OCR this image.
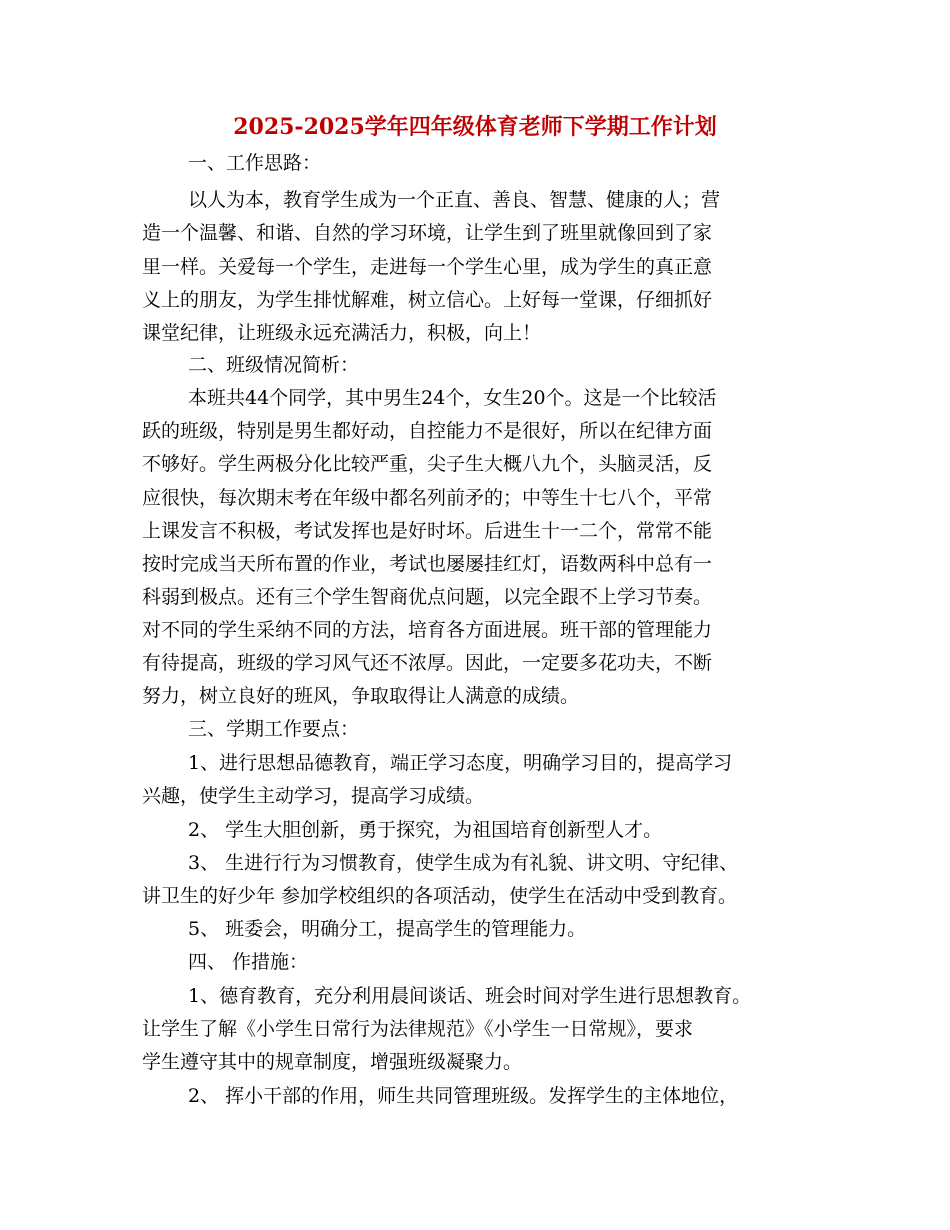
2025-2025学年四年级体育老师下学期工作计划
一、工作思路：
以人为本，教育学生成为一个正直、善良、智慧、健康的人；营
造一个温馨、和谐、自然的学习环境，让学生到了班里就像回到了家
里一样。关爱每一个学生，走进每一个学生心里，成为学生的真正意
义上的朋友，为学生排忧解难，树立信心。上好每一堂课，仔细抓好
课堂纪律，让班级永远充满活力，积极，向上！
二、班级情况简析：
本班共44个同学，其中男生24个，女生20个。这是一个比较活
跃的班级，特别是男生都好动，自控能力不是很好，所以在纪律方面
不够好。学生两极分化比较严重，尖子生大概八九个，头脑灵活，反
应很快，每次期末考在年级中都名列前矛的；中等生十七八个，平常
上课发言不积极，考试发挥也是好时坏。后进生十一二个，常常不能
按时完成当天所布置的作业，考试也屡屡挂红灯，语数两科中总有一
科弱到极点。还有三个学生智商优点问题，以完全跟不上学习节奏。
对不同的学生采纳不同的方法，培育各方面进展。班干部的管理能力
有待提高，班级的学习风气还不浓厚。因此，一定要多花功夫，不断
努力，树立良好的班风，争取取得让人满意的成绩。
三、学期工作要点：
1、进行思想品德教育，端正学习态度，明确学习目的，提高学习
兴趣，使学生主动学习，提高学习成绩。
2、 学生大胆创新，勇于探究，为祖国培育创新型人才。
3、 生进行行为习惯教育，使学生成为有礼貌、讲文明、守纪律、
讲卫生的好少年 参加学校组织的各项活动，使学生在活动中受到教育。
5、 班委会，明确分工，提高学生的管理能力。
四、 作措施：
1、德育教育，充分利用晨间谈话、班会时间对学生进行思想教育。
让学生了解《小学生日常行为法律规范》《小学生一日常规》，要求
学生遵守其中的规章制度，增强班级凝聚力。
2、 挥小干部的作用，师生共同管理班级。发挥学生的主体地位，
